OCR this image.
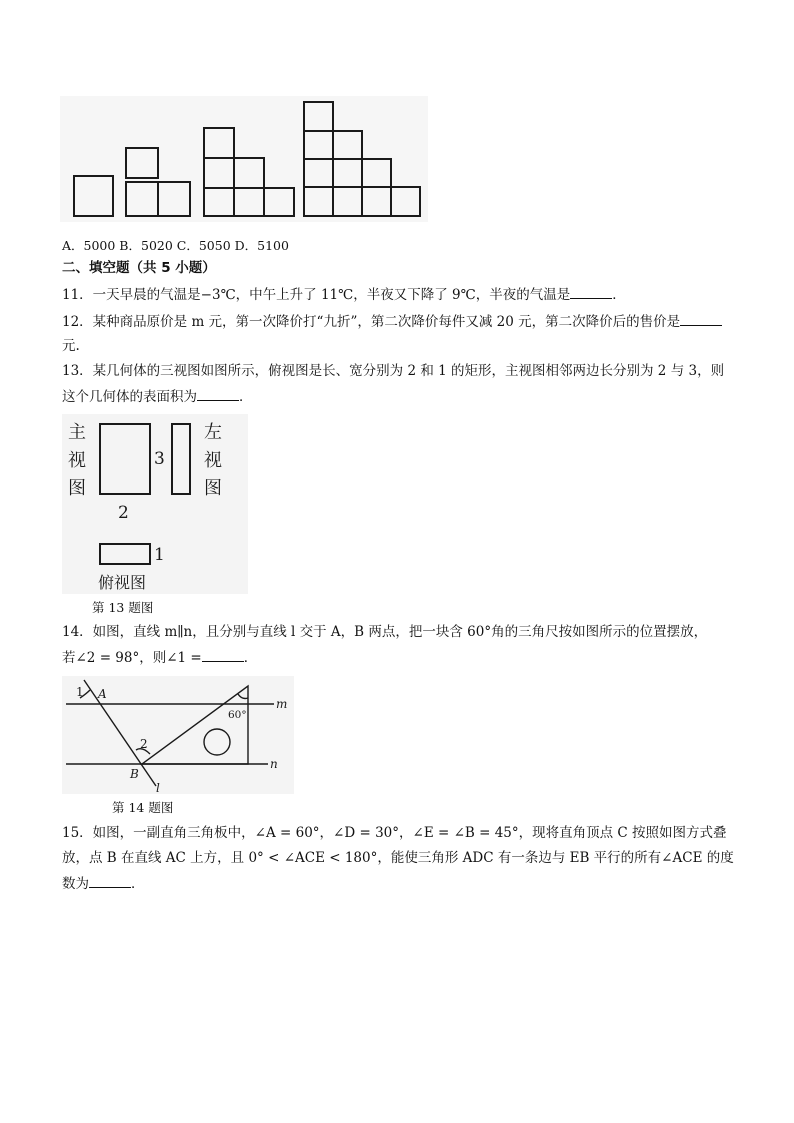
A．5000 B．5020 C．5050 D．5100
二、填空题（共 5 小题）
11．一天早晨的气温是−3℃，中午上升了 11℃，半夜又下降了 9℃，半夜的气温是	．
12．某种商品原价是 m 元，第一次降价打“九折”，第二次降价每件又减 20 元，第二次降价后的售价是
元.
13．某几何体的三视图如图所示，俯视图是长、宽分别为 2 和 1 的矩形，主视图相邻两边长分别为 2 与 3，则
这个几何体的表面积为	．
主
视
图
左
视
图
3
2
1
俯视图
第 13 题图
14．如图，直线 m∥n，且分别与直线 l 交于 A，B 两点，把一块含 60°角的三角尺按如图所示的位置摆放，
若∠2 = 98°，则∠1 =	．
1 A
2
B
l
m
n
60°
第 14 题图
15．如图，一副直角三角板中，∠A = 60°，∠D = 30°，∠E = ∠B = 45°，现将直角顶点 C 按照如图方式叠
放，点 B 在直线 AC 上方，且 0° < ∠ACE < 180°，能使三角形 ADC 有一条边与 EB 平行的所有∠ACE 的度
数为	．
